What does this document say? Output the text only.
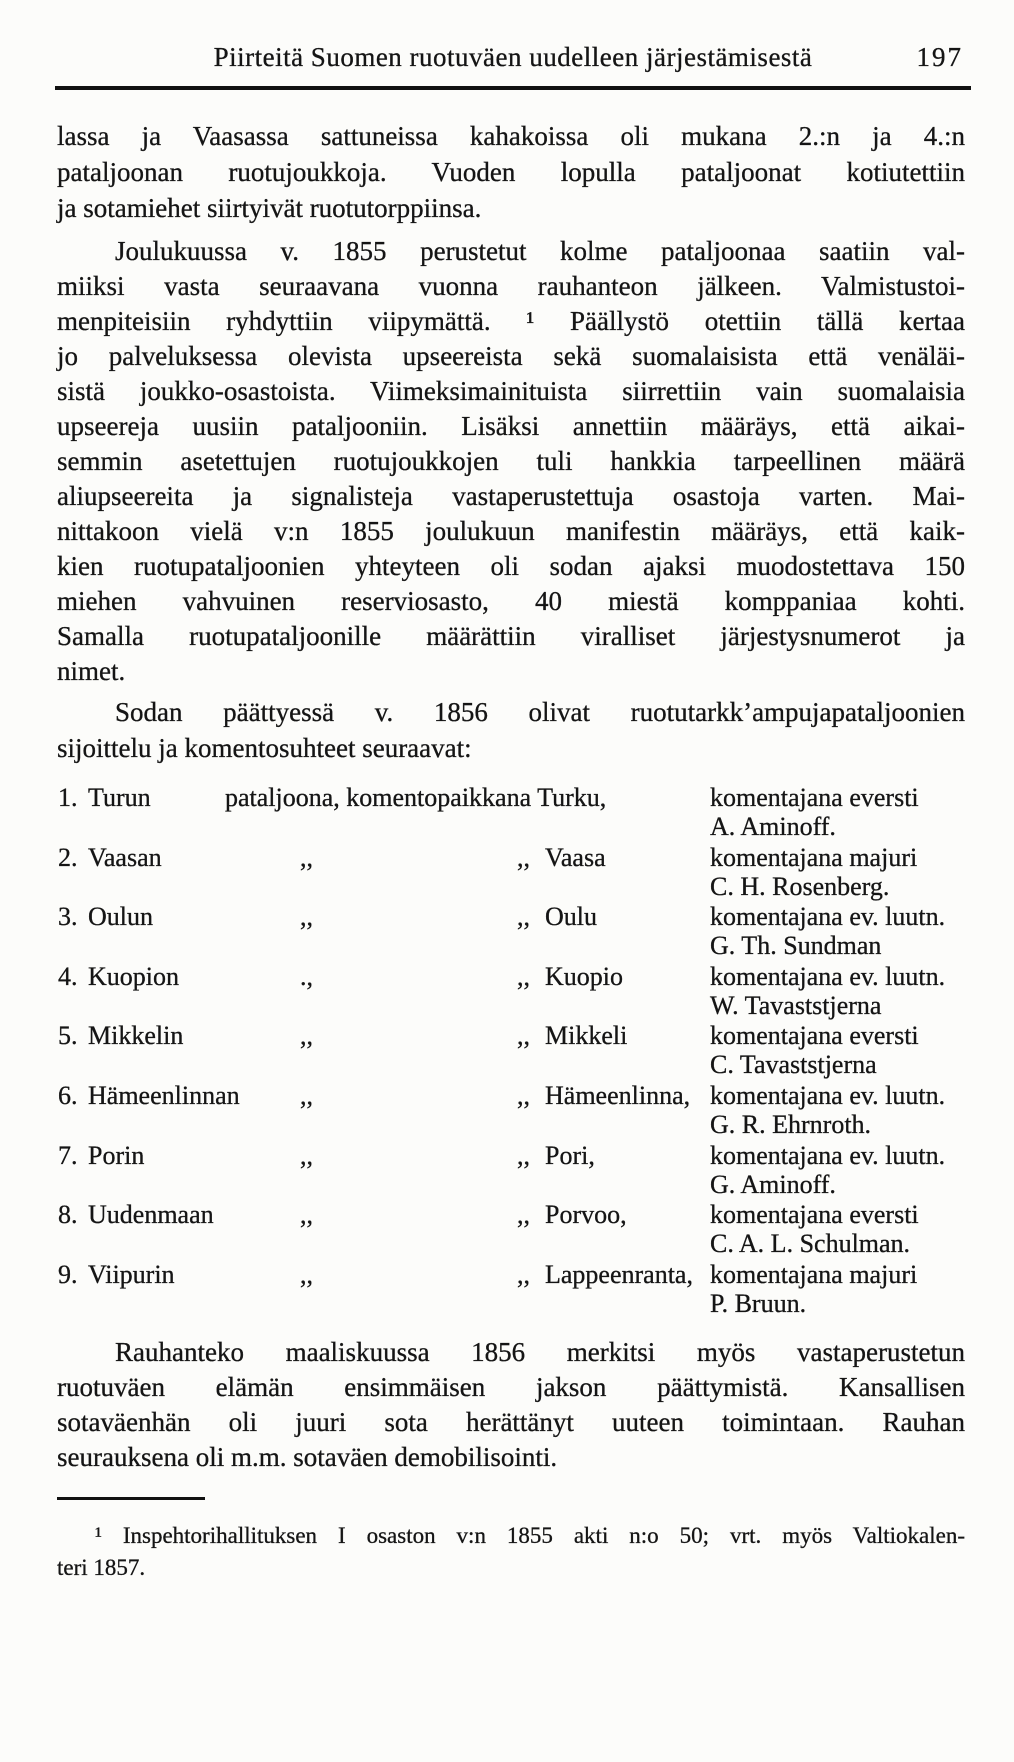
Piirteitä Suomen ruotuväen uudelleen järjestämisestä	197
lassa ja Vaasassa sattuneissa kahakoissa oli mukana 2.:n ja 4.:n
pataljoonan ruotujoukkoja. Vuoden lopulla pataljoonat kotiutettiin
ja sotamiehet siirtyivät ruotutorppiinsa.
Joulukuussa v. 1855 perustetut kolme pataljoonaa saatiin val-
miiksi vasta seuraavana vuonna rauhanteon jälkeen. Valmistustoi-
menpiteisiin ryhdyttiin viipymättä. ¹ Päällystö otettiin tällä kertaa
jo palveluksessa olevista upseereista sekä suomalaisista että venäläi-
sistä joukko-osastoista. Viimeksimainituista siirrettiin vain suomalaisia
upseereja uusiin pataljooniin. Lisäksi annettiin määräys, että aikai-
semmin asetettujen ruotujoukkojen tuli hankkia tarpeellinen määrä
aliupseereita ja signalisteja vastaperustettuja osastoja varten. Mai-
nittakoon vielä v:n 1855 joulukuun manifestin määräys, että kaik-
kien ruotupataljoonien yhteyteen oli sodan ajaksi muodostettava 150
miehen vahvuinen reserviosasto, 40 miestä komppaniaa kohti.
Samalla ruotupataljoonille määrättiin viralliset järjestysnumerot ja
nimet.
Sodan päättyessä v. 1856 olivat ruotutarkk’ampujapataljoonien
sijoittelu ja komentosuhteet seuraavat:
1. Turun	pataljoona, komentopaikkana Turku,	komentajana eversti
A. Aminoff.
2. Vaasan	,,	,, Vaasa	komentajana majuri
C. H. Rosenberg.
3. Oulun	,,	,, Oulu	komentajana ev. luutn.
G. Th. Sundman
4. Kuopion	.,	,, Kuopio	komentajana ev. luutn.
W. Tavaststjerna
5. Mikkelin	,,	,, Mikkeli	komentajana eversti
C. Tavaststjerna
6. Hämeenlinnan ,,	,, Hämeenlinna, komentajana ev. luutn.
G. R. Ehrnroth.
7. Porin	,,	,, Pori,	komentajana ev. luutn.
G. Aminoff.
8. Uudenmaan	,,	,, Porvoo,	komentajana eversti
C. A. L. Schulman.
9. Viipurin	,,	,, Lappeenranta, komentajana majuri
P. Bruun.
Rauhanteko maaliskuussa 1856 merkitsi myös vastaperustetun
ruotuväen elämän ensimmäisen jakson päättymistä. Kansallisen
sotaväenhän oli juuri sota herättänyt uuteen toimintaan. Rauhan
seurauksena oli m.m. sotaväen demobilisointi.
¹ Inspehtorihallituksen I osaston v:n 1855 akti n:o 50; vrt. myös Valtiokalen-
teri 1857.
